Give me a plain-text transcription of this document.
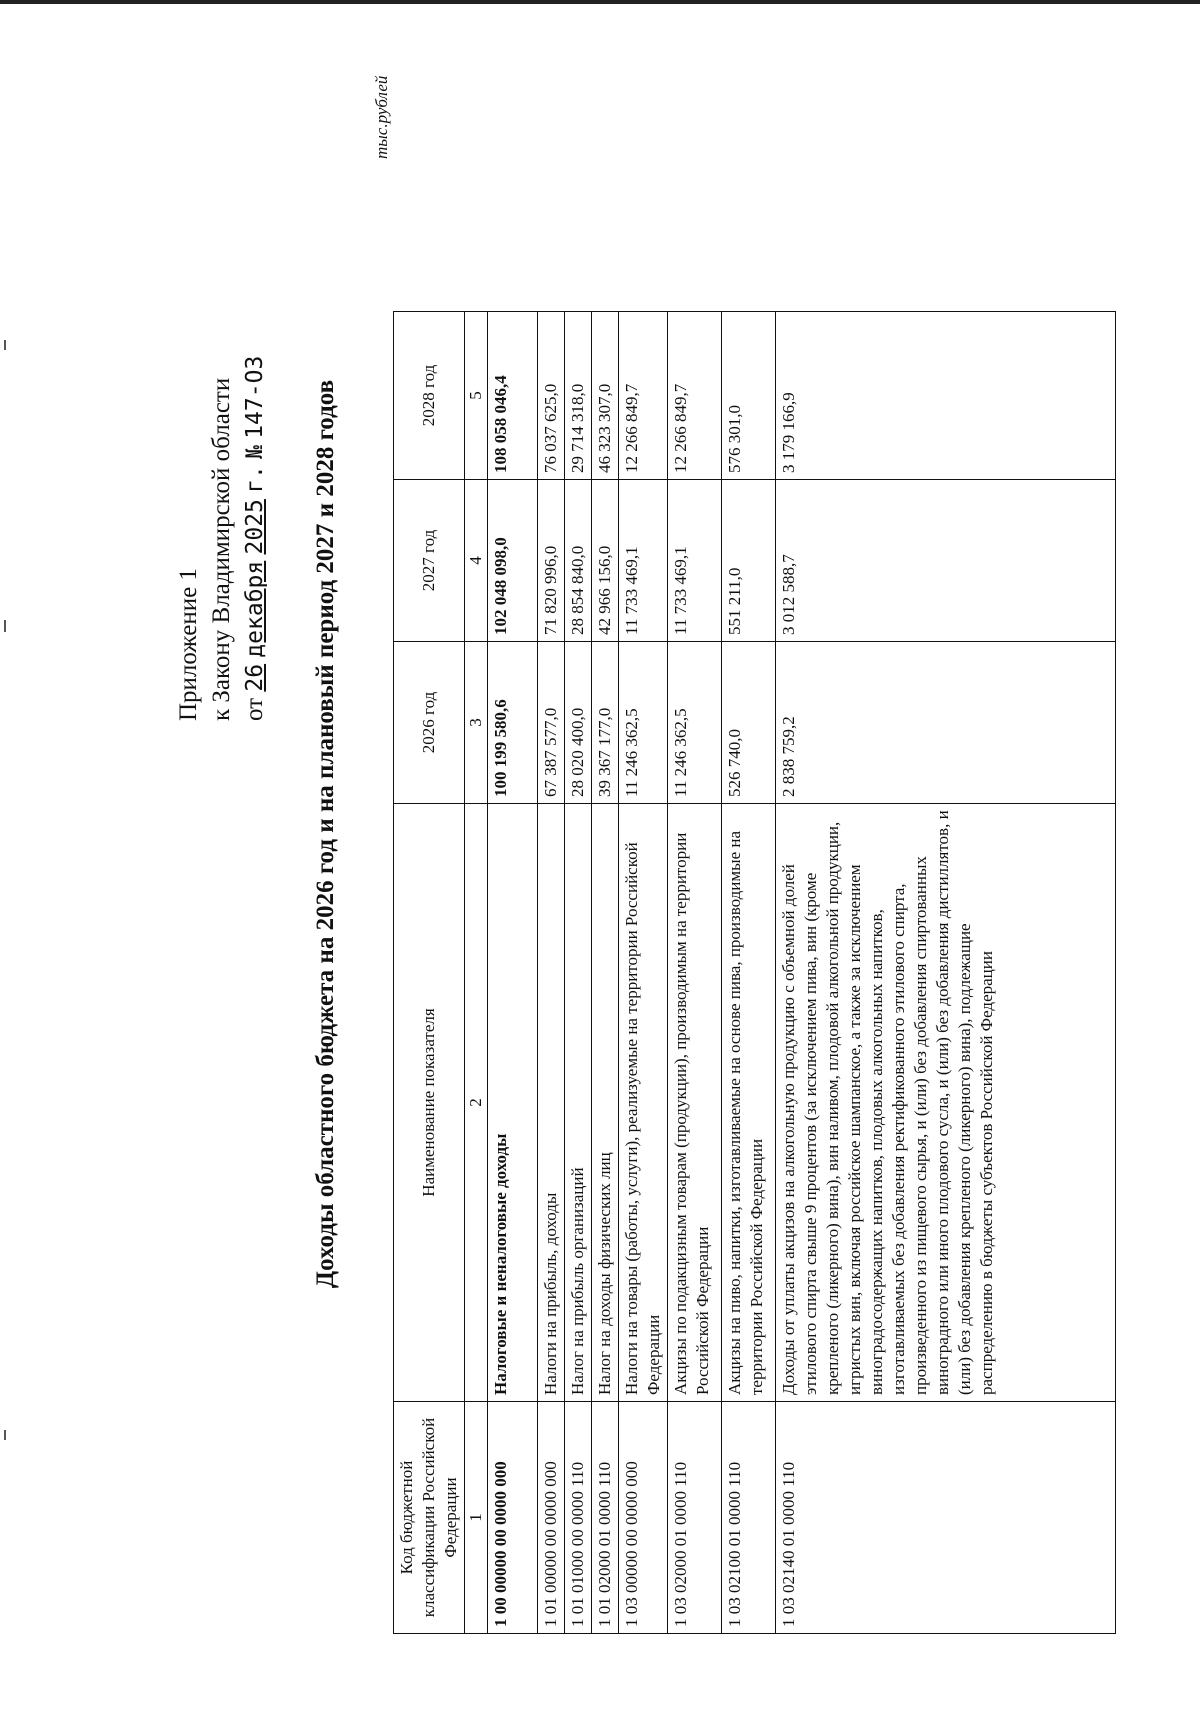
Приложение 1 к Закону Владимирской области от 26 декабря 2025 г. № 147-ОЗ Доходы областного бюджета на 2026 год и на плановый период 2027 и 2028 годов
тыс.рублей
Код бюджетной классификации Российской Федерации	Наименование показателя	2026 год	2027 год	2028 год
1	2	3	4	5
1 00 00000 00 0000 000	Налоговые и неналоговые доходы	100 199 580,6	102 048 098,0	108 058 046,4
1 01 00000 00 0000 000	Налоги на прибыль, доходы	67 387 577,0	71 820 996,0	76 037 625,0
1 01 01000 00 0000 110	Налог на прибыль организаций	28 020 400,0	28 854 840,0	29 714 318,0
1 01 02000 01 0000 110	Налог на доходы физических лиц	39 367 177,0	42 966 156,0	46 323 307,0
1 03 00000 00 0000 000	Налоги на товары (работы, услуги), реализуемые на территории Российской Федерации	11 246 362,5	11 733 469,1	12 266 849,7
1 03 02000 01 0000 110	Акцизы по подакцизным товарам (продукции), производимым на территории Российской Федерации	11 246 362,5	11 733 469,1	12 266 849,7
1 03 02100 01 0000 110	Акцизы на пиво, напитки, изготавливаемые на основе пива, производимые на территории Российской Федерации	526 740,0	551 211,0	576 301,0
1 03 02140 01 0000 110	Доходы от уплаты акцизов на алкогольную продукцию с объемной долей этилового спирта свыше 9 процентов (за исключением пива, вин (кроме крепленого (ликерного) вина), вин наливом, плодовой алкогольной продукции, игристых вин, включая российское шампанское, а также за исключением виноградосодержащих напитков, плодовых алкогольных напитков, изготавливаемых без добавления ректификованного этилового спирта, произведенного из пищевого сырья, и (или) без добавления спиртованных виноградного или иного плодового сусла, и (или) без добавления дистиллятов, и (или) без добавления крепленого (ликерного) вина), подлежащие распределению в бюджеты субъектов Российской Федерации	2 838 759,2	3 012 588,7	3 179 166,9
